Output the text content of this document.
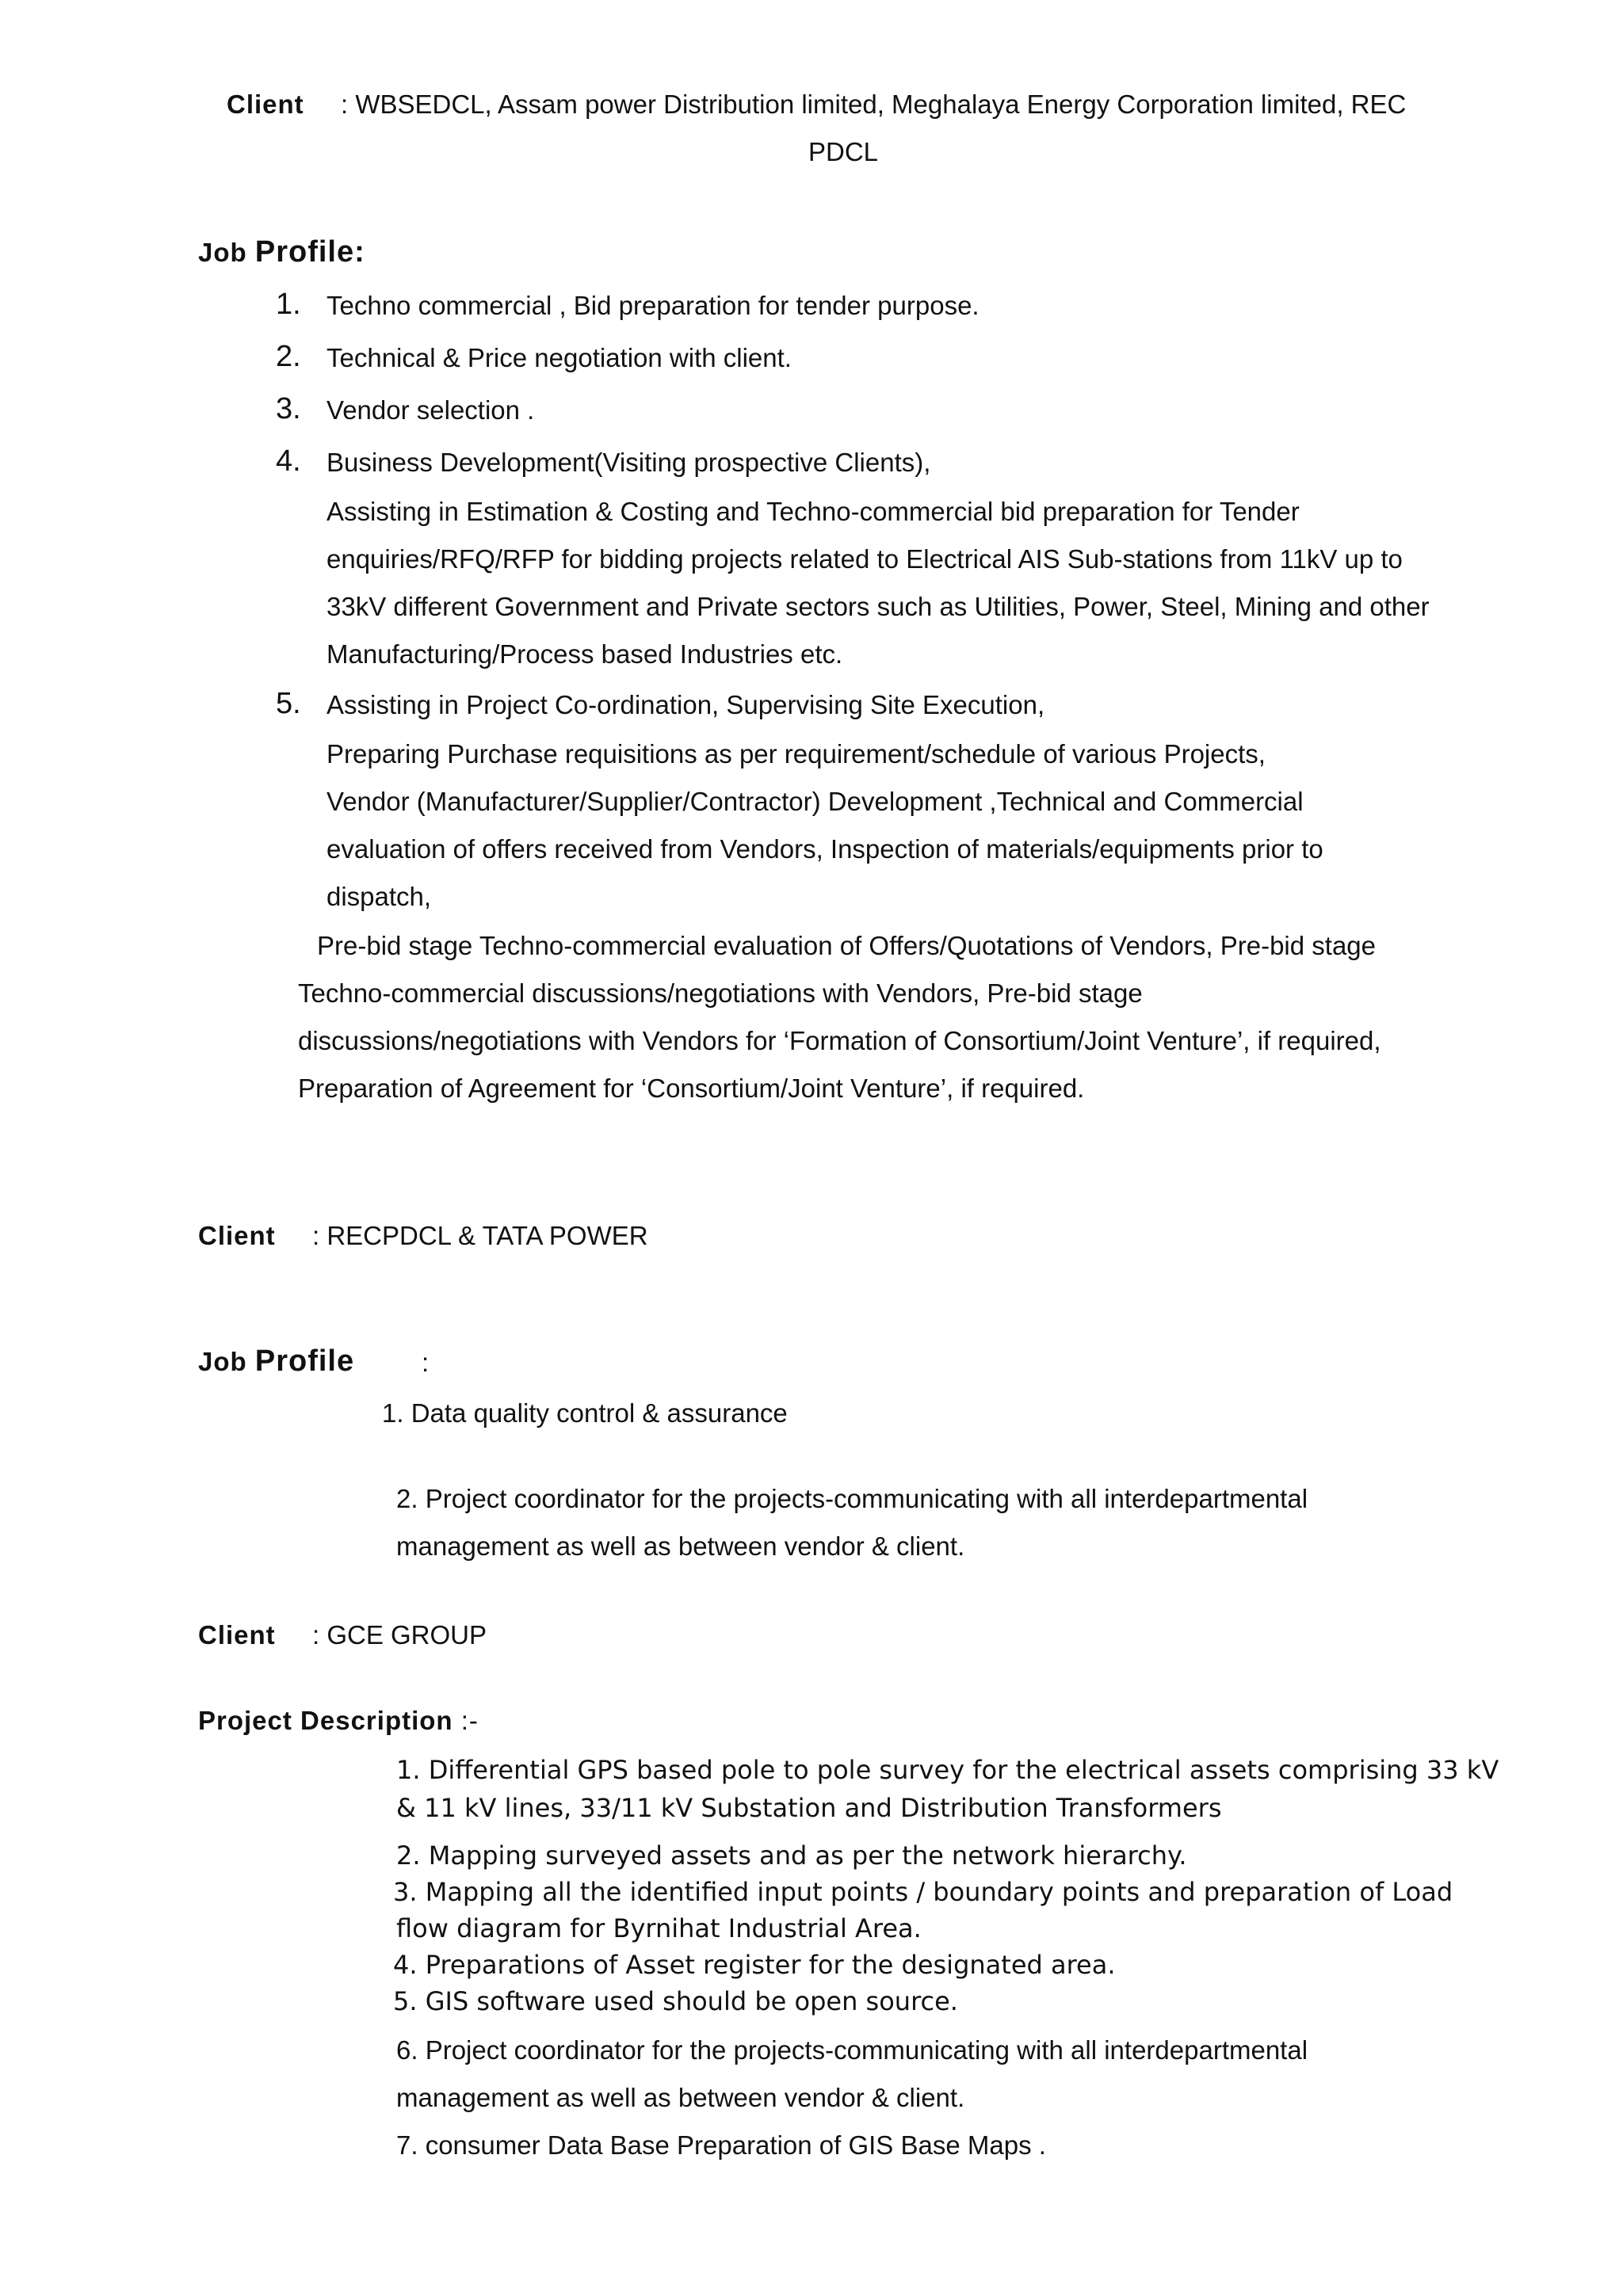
Client : WBSEDCL, Assam power Distribution limited, Meghalaya Energy Corporation limited, REC
PDCL
Job Profile:
1. Techno commercial , Bid preparation for tender purpose.
2. Technical & Price negotiation with client.
3. Vendor selection .
4. Business Development(Visiting prospective Clients),
Assisting in Estimation & Costing and Techno-commercial bid preparation for Tender
enquiries/RFQ/RFP for bidding projects related to Electrical AIS Sub-stations from 11kV up to
33kV different Government and Private sectors such as Utilities, Power, Steel, Mining and other
Manufacturing/Process based Industries etc.
5. Assisting in Project Co-ordination, Supervising Site Execution,
Preparing Purchase requisitions as per requirement/schedule of various Projects,
Vendor (Manufacturer/Supplier/Contractor) Development ,Technical and Commercial
evaluation of offers received from Vendors, Inspection of materials/equipments prior to
dispatch,
Pre-bid stage Techno-commercial evaluation of Offers/Quotations of Vendors, Pre-bid stage
Techno-commercial discussions/negotiations with Vendors, Pre-bid stage
discussions/negotiations with Vendors for ‘Formation of Consortium/Joint Venture’, if required,
Preparation of Agreement for ‘Consortium/Joint Venture’, if required.
Client : RECPDCL & TATA POWER
Job Profile	:
1. Data quality control & assurance
2. Project coordinator for the projects-communicating with all interdepartmental
management as well as between vendor & client.
Client : GCE GROUP
Project Description :-
1. Differential GPS based pole to pole survey for the electrical assets comprising 33 kV
& 11 kV lines, 33/11 kV Substation and Distribution Transformers
2. Mapping surveyed assets and as per the network hierarchy.
3. Mapping all the identified input points / boundary points and preparation of Load
flow diagram for Byrnihat Industrial Area.
4. Preparations of Asset register for the designated area.
5. GIS software used should be open source.
6. Project coordinator for the projects-communicating with all interdepartmental
management as well as between vendor & client.
7. consumer Data Base Preparation of GIS Base Maps .
